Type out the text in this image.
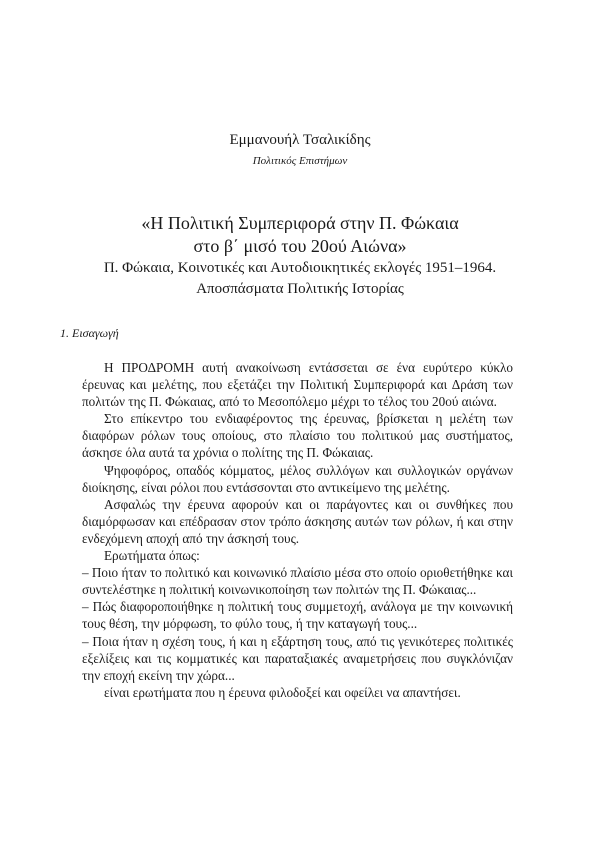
Εμμανουήλ Τσαλικίδης
Πολιτικός Επιστήμων
«Η Πολιτική Συμπεριφορά στην Π. Φώκαια
στο β΄ μισό του 20ού Αιώνα»
Π. Φώκαια, Κοινοτικές και Αυτοδιοικητικές εκλογές 1951–1964.
Αποσπάσματα Πολιτικής Ιστορίας
1. Εισαγωγή

Η ΠΡΟΔΡΟΜΗ αυτή ανακοίνωση εντάσσεται σε ένα ευρύτερο κύκλο έρευνας και μελέτης, που εξετάζει την Πολιτική Συμπεριφορά και Δράση των πολιτών της Π. Φώκαιας, από το Μεσοπόλεμο μέχρι το τέλος του 20ού αιώνα.

Στο επίκεντρο του ενδιαφέροντος της έρευνας, βρίσκεται η μελέτη των διαφόρων ρόλων τους οποίους, στο πλαίσιο του πολιτικού μας συστήματος, άσκησε όλα αυτά τα χρόνια ο πολίτης της Π. Φώκαιας.

Ψηφοφόρος, οπαδός κόμματος, μέλος συλλόγων και συλλογικών οργάνων διοίκησης, είναι ρόλοι που εντάσσονται στο αντικείμενο της μελέτης.

Ασφαλώς την έρευνα αφορούν και οι παράγοντες και οι συνθήκες που διαμόρφωσαν και επέδρασαν στον τρόπο άσκησης αυτών των ρόλων, ή και στην ενδεχόμενη αποχή από την άσκησή τους.

Ερωτήματα όπως:

– Ποιο ήταν το πολιτικό και κοινωνικό πλαίσιο μέσα στο οποίο οριοθετήθηκε και συντελέστηκε η πολιτική κοινωνικοποίηση των πολιτών της Π. Φώκαιας...

– Πώς διαφοροποιήθηκε η πολιτική τους συμμετοχή, ανάλογα με την κοινωνική τους θέση, την μόρφωση, το φύλο τους, ή την καταγωγή τους...

– Ποια ήταν η σχέση τους, ή και η εξάρτηση τους, από τις γενικότερες πολιτικές εξελίξεις και τις κομματικές και παραταξιακές αναμετρήσεις που συγκλόνιζαν την εποχή εκείνη την χώρα...

είναι ερωτήματα που η έρευνα φιλοδοξεί και οφείλει να απαντήσει.
